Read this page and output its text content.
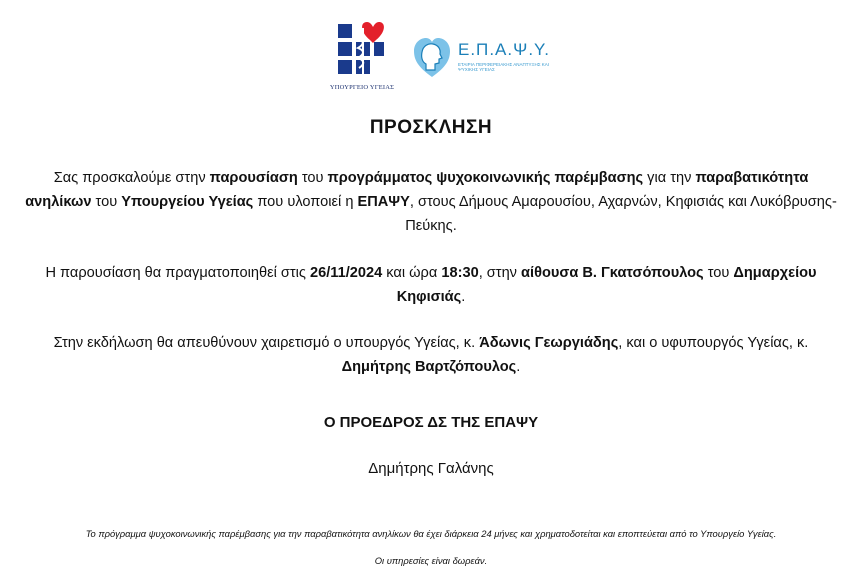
ΥΠΟΥΡΓΕΙΟ ΥΓΕΙΑΣ
Ε.Π.Α.Ψ.Υ.
ΕΤΑΙΡΙΑ ΠΕΡΙΦΕΡΕΙΑΚΗΣ ΑΝΑΠΤΥΞΗΣ ΚΑΙ ΨΥΧΙΚΗΣ ΥΓΕΙΑΣ
ΠΡΟΣΚΛΗΣΗ
Σας προσκαλούμε στην παρουσίαση του προγράμματος ψυχοκοινωνικής παρέμβασης για την παραβατικότητα ανηλίκων του Υπουργείου Υγείας που υλοποιεί η ΕΠΑΨΥ, στους Δήμους Αμαρουσίου, Αχαρνών, Κηφισιάς και Λυκόβρυσης-Πεύκης.
Η παρουσίαση θα πραγματοποιηθεί στις 26/11/2024 και ώρα 18:30, στην αίθουσα Β. Γκατσόπουλος του Δημαρχείου Κηφισιάς.
Στην εκδήλωση θα απευθύνουν χαιρετισμό ο υπουργός Υγείας, κ. Άδωνις Γεωργιάδης, και ο υφυπουργός Υγείας, κ. Δημήτρης Βαρτζόπουλος.
Ο ΠΡΟΕΔΡΟΣ ΔΣ ΤΗΣ ΕΠΑΨΥ
Δημήτρης Γαλάνης
Το πρόγραμμα ψυχοκοινωνικής παρέμβασης για την παραβατικότητα ανηλίκων θα έχει διάρκεια 24 μήνες και χρηματοδοτείται και εποπτεύεται από το Υπουργείο Υγείας.
Οι υπηρεσίες είναι δωρεάν.
